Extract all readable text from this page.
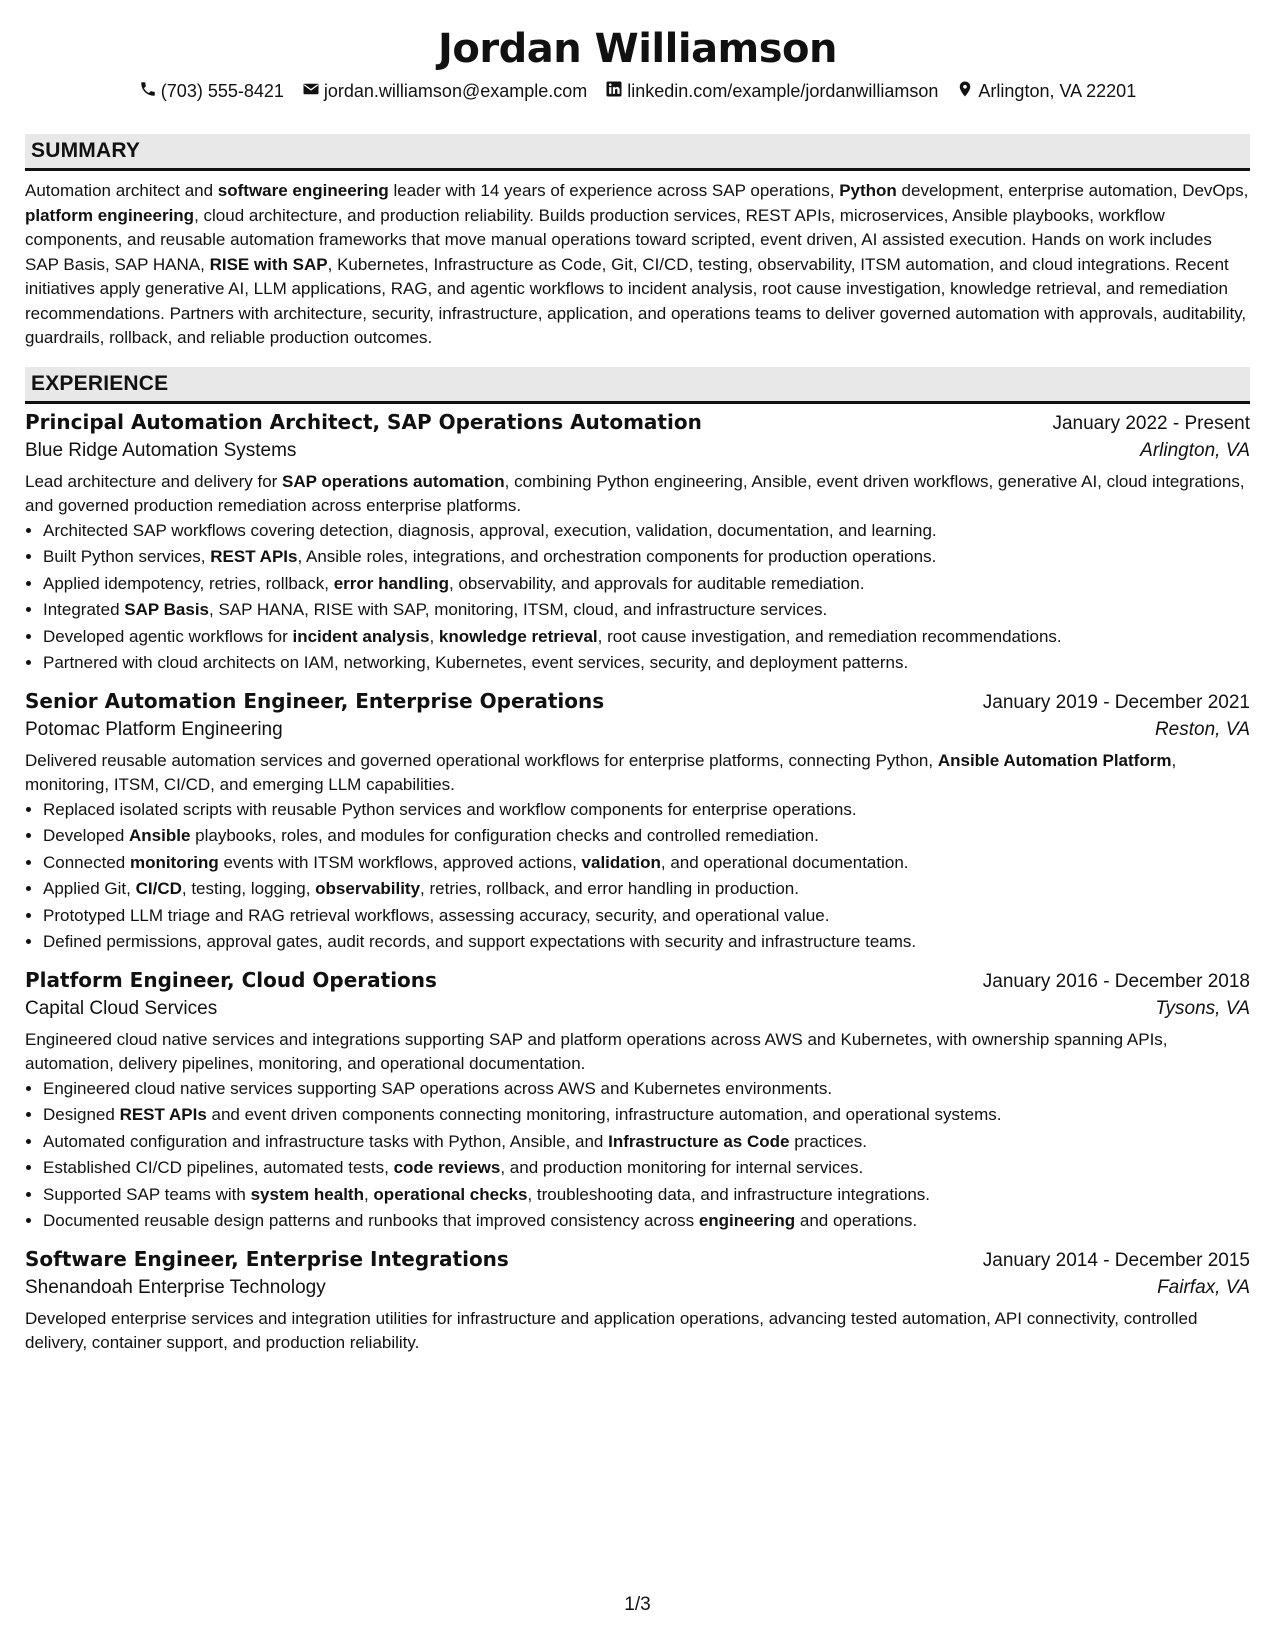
Jordan Williamson
(703) 555-8421 jordan.williamson@example.com linkedin.com/example/jordanwilliamson Arlington, VA 22201
SUMMARY
Automation architect and software engineering leader with 14 years of experience across SAP operations, Python development, enterprise automation, DevOps, platform engineering, cloud architecture, and production reliability. Builds production services, REST APIs, microservices, Ansible playbooks, workflow components, and reusable automation frameworks that move manual operations toward scripted, event driven, AI assisted execution. Hands on work includes SAP Basis, SAP HANA, RISE with SAP, Kubernetes, Infrastructure as Code, Git, CI/CD, testing, observability, ITSM automation, and cloud integrations. Recent initiatives apply generative AI, LLM applications, RAG, and agentic workflows to incident analysis, root cause investigation, knowledge retrieval, and remediation recommendations. Partners with architecture, security, infrastructure, application, and operations teams to deliver governed automation with approvals, auditability, guardrails, rollback, and reliable production outcomes.
EXPERIENCE
Principal Automation Architect, SAP Operations Automation	January 2022 - Present
Blue Ridge Automation Systems	Arlington, VA
Lead architecture and delivery for SAP operations automation, combining Python engineering, Ansible, event driven workflows, generative AI, cloud integrations, and governed production remediation across enterprise platforms.
• Architected SAP workflows covering detection, diagnosis, approval, execution, validation, documentation, and learning.
• Built Python services, REST APIs, Ansible roles, integrations, and orchestration components for production operations.
• Applied idempotency, retries, rollback, error handling, observability, and approvals for auditable remediation.
• Integrated SAP Basis, SAP HANA, RISE with SAP, monitoring, ITSM, cloud, and infrastructure services.
• Developed agentic workflows for incident analysis, knowledge retrieval, root cause investigation, and remediation recommendations.
• Partnered with cloud architects on IAM, networking, Kubernetes, event services, security, and deployment patterns.
Senior Automation Engineer, Enterprise Operations	January 2019 - December 2021
Potomac Platform Engineering	Reston, VA
Delivered reusable automation services and governed operational workflows for enterprise platforms, connecting Python, Ansible Automation Platform, monitoring, ITSM, CI/CD, and emerging LLM capabilities.
• Replaced isolated scripts with reusable Python services and workflow components for enterprise operations.
• Developed Ansible playbooks, roles, and modules for configuration checks and controlled remediation.
• Connected monitoring events with ITSM workflows, approved actions, validation, and operational documentation.
• Applied Git, CI/CD, testing, logging, observability, retries, rollback, and error handling in production.
• Prototyped LLM triage and RAG retrieval workflows, assessing accuracy, security, and operational value.
• Defined permissions, approval gates, audit records, and support expectations with security and infrastructure teams.
Platform Engineer, Cloud Operations	January 2016 - December 2018
Capital Cloud Services	Tysons, VA
Engineered cloud native services and integrations supporting SAP and platform operations across AWS and Kubernetes, with ownership spanning APIs, automation, delivery pipelines, monitoring, and operational documentation.
• Engineered cloud native services supporting SAP operations across AWS and Kubernetes environments.
• Designed REST APIs and event driven components connecting monitoring, infrastructure automation, and operational systems.
• Automated configuration and infrastructure tasks with Python, Ansible, and Infrastructure as Code practices.
• Established CI/CD pipelines, automated tests, code reviews, and production monitoring for internal services.
• Supported SAP teams with system health, operational checks, troubleshooting data, and infrastructure integrations.
• Documented reusable design patterns and runbooks that improved consistency across engineering and operations.
Software Engineer, Enterprise Integrations	January 2014 - December 2015
Shenandoah Enterprise Technology	Fairfax, VA
Developed enterprise services and integration utilities for infrastructure and application operations, advancing tested automation, API connectivity, controlled delivery, container support, and production reliability.
1/3
